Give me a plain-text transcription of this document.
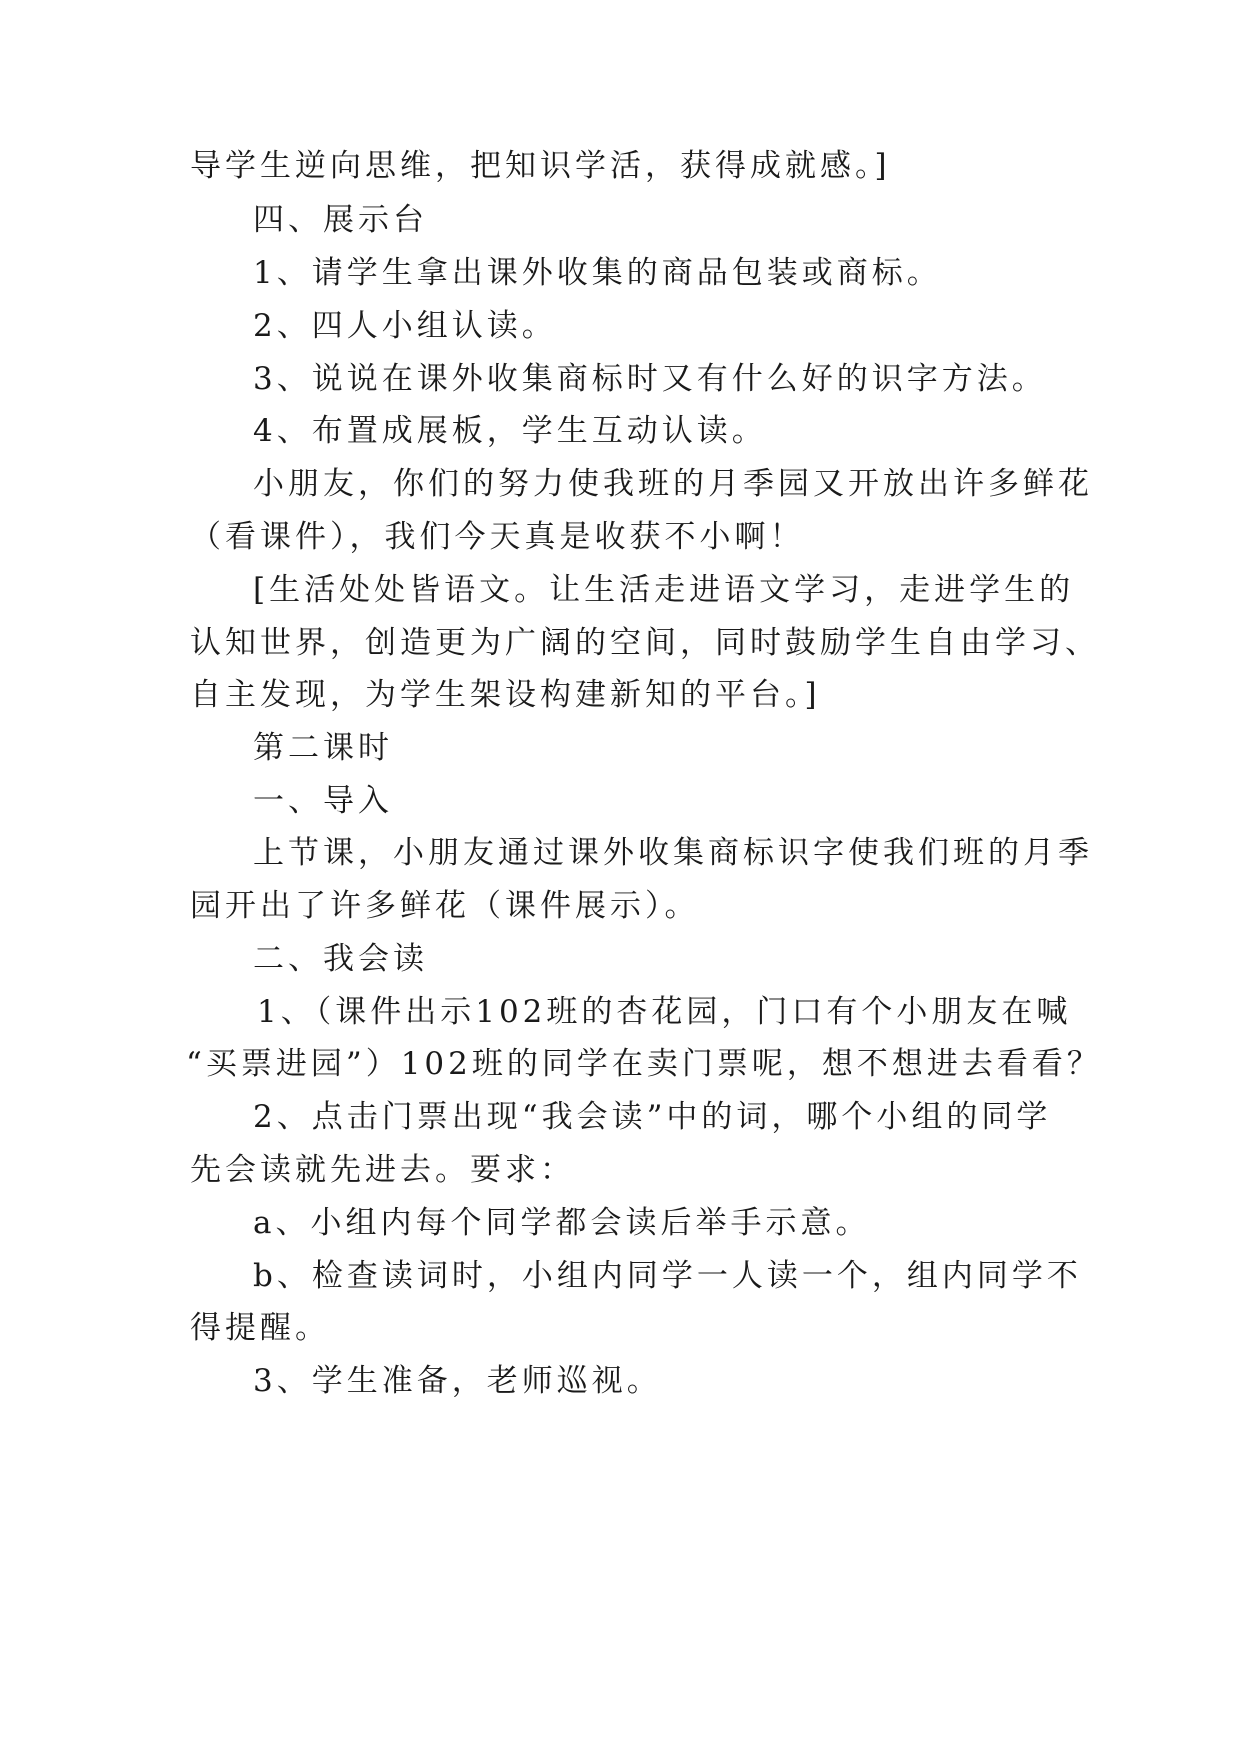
导学生逆向思维，把知识学活，获得成就感。]
四、展示台
1、请学生拿出课外收集的商品包装或商标。
2、四人小组认读。
3、说说在课外收集商标时又有什么好的识字方法。
4、布置成展板，学生互动认读。
小朋友，你们的努力使我班的月季园又开放出许多鲜花
（看课件），我们今天真是收获不小啊！
[生活处处皆语文。让生活走进语文学习，走进学生的
认知世界，创造更为广阔的空间，同时鼓励学生自由学习、
自主发现，为学生架设构建新知的平台。]
第二课时
一、导入
上节课，小朋友通过课外收集商标识字使我们班的月季
园开出了许多鲜花（课件展示）。
二、我会读
1、（课件出示102班的杏花园，门口有个小朋友在喊
“买票进园”）102班的同学在卖门票呢，想不想进去看看？
2、点击门票出现“我会读”中的词，哪个小组的同学
先会读就先进去。要求：
a、小组内每个同学都会读后举手示意。
b、检查读词时，小组内同学一人读一个，组内同学不
得提醒。
3、学生准备，老师巡视。
